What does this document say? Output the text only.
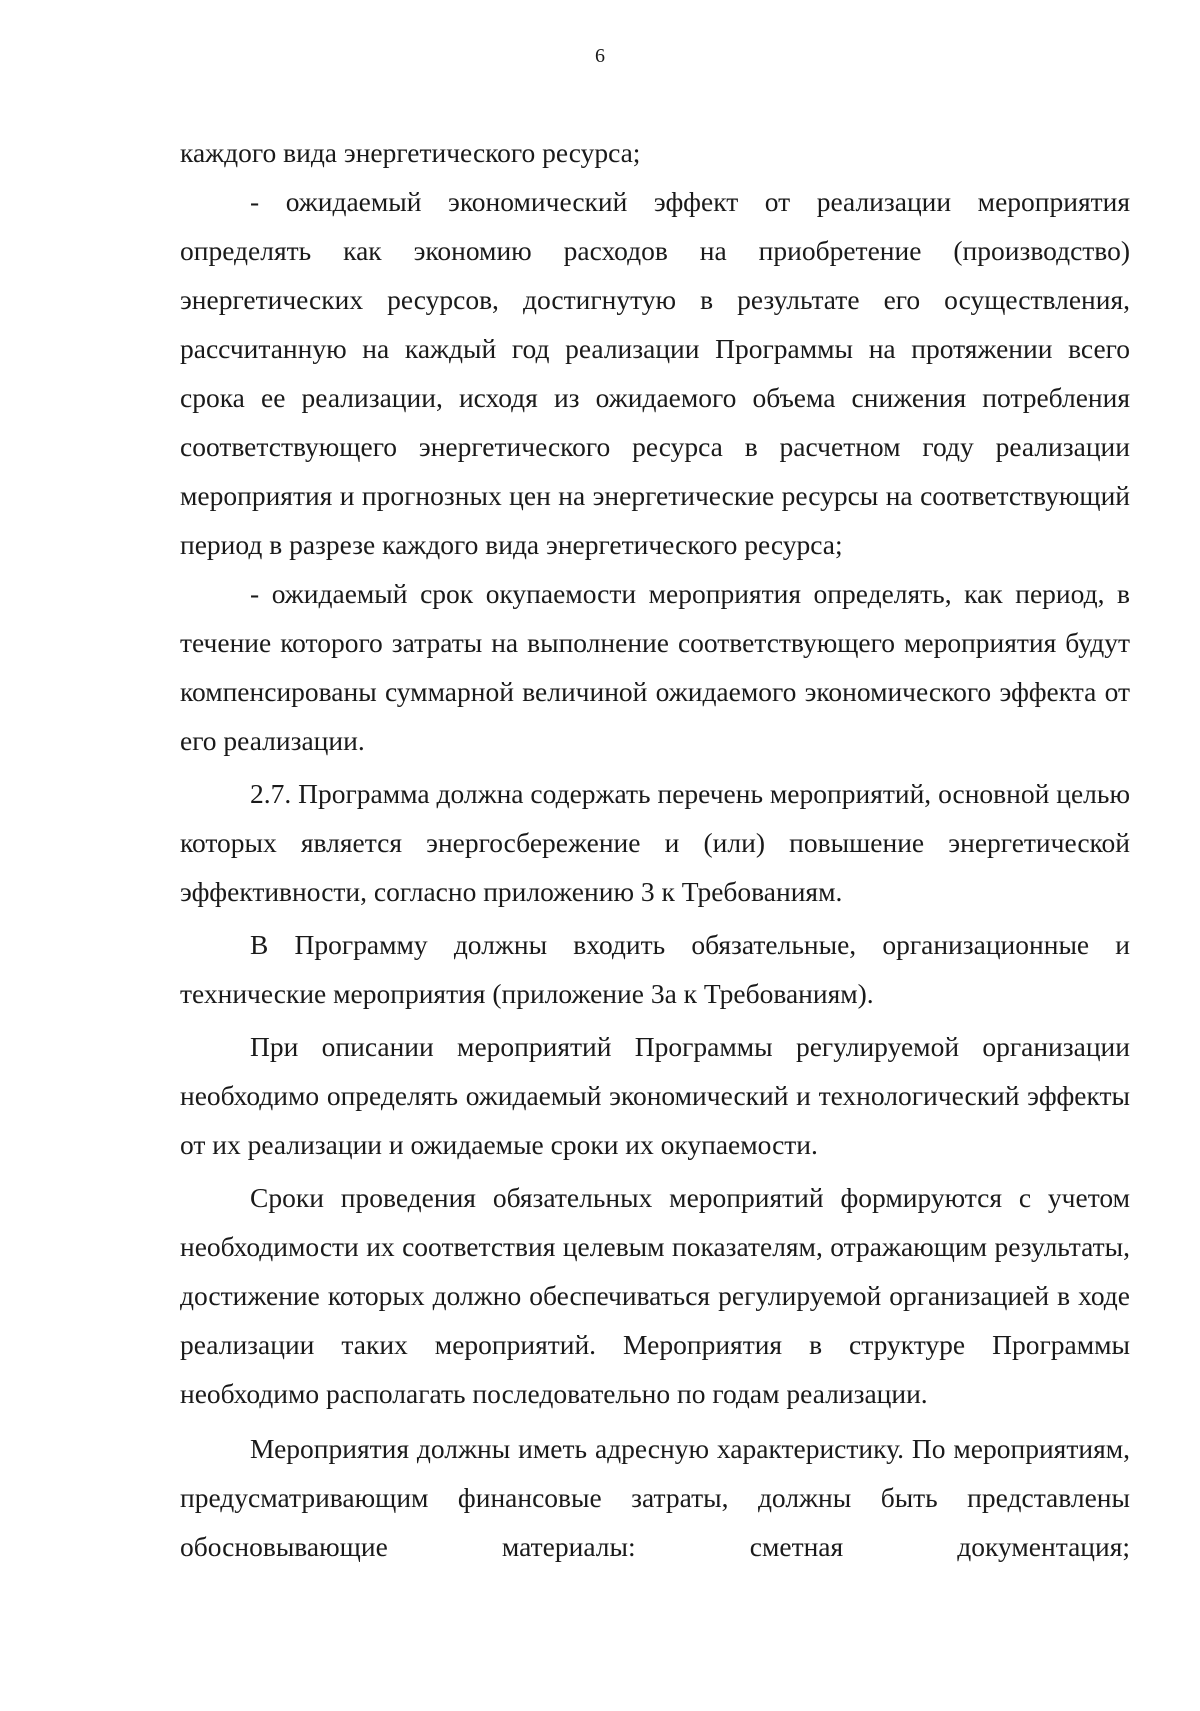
6

каждого вида энергетического ресурса;

- ожидаемый экономический эффект от реализации мероприятия определять как экономию расходов на приобретение (производство) энергетических ресурсов, достигнутую в результате его осуществления, рассчитанную на каждый год реализации Программы на протяжении всего срока ее реализации, исходя из ожидаемого объема снижения потребления соответствующего энергетического ресурса в расчетном году реализации мероприятия и прогнозных цен на энергетические ресурсы на соответствующий период в разрезе каждого вида энергетического ресурса;

- ожидаемый срок окупаемости мероприятия определять, как период, в течение которого затраты на выполнение соответствующего мероприятия будут компенсированы суммарной величиной ожидаемого экономического эффекта от его реализации.

2.7. Программа должна содержать перечень мероприятий, основной целью которых является энергосбережение и (или) повышение энергетической эффективности, согласно приложению 3 к Требованиям.

В Программу должны входить обязательные, организационные и технические мероприятия (приложение 3а к Требованиям).

При описании мероприятий Программы регулируемой организации необходимо определять ожидаемый экономический и технологический эффекты от их реализации и ожидаемые сроки их окупаемости.

Сроки проведения обязательных мероприятий формируются с учетом необходимости их соответствия целевым показателям, отражающим результаты, достижение которых должно обеспечиваться регулируемой организацией в ходе реализации таких мероприятий. Мероприятия в структуре Программы необходимо располагать последовательно по годам реализации.

Мероприятия должны иметь адресную характеристику. По мероприятиям, предусматривающим финансовые затраты, должны быть представлены обосновывающие материалы: сметная документация;
